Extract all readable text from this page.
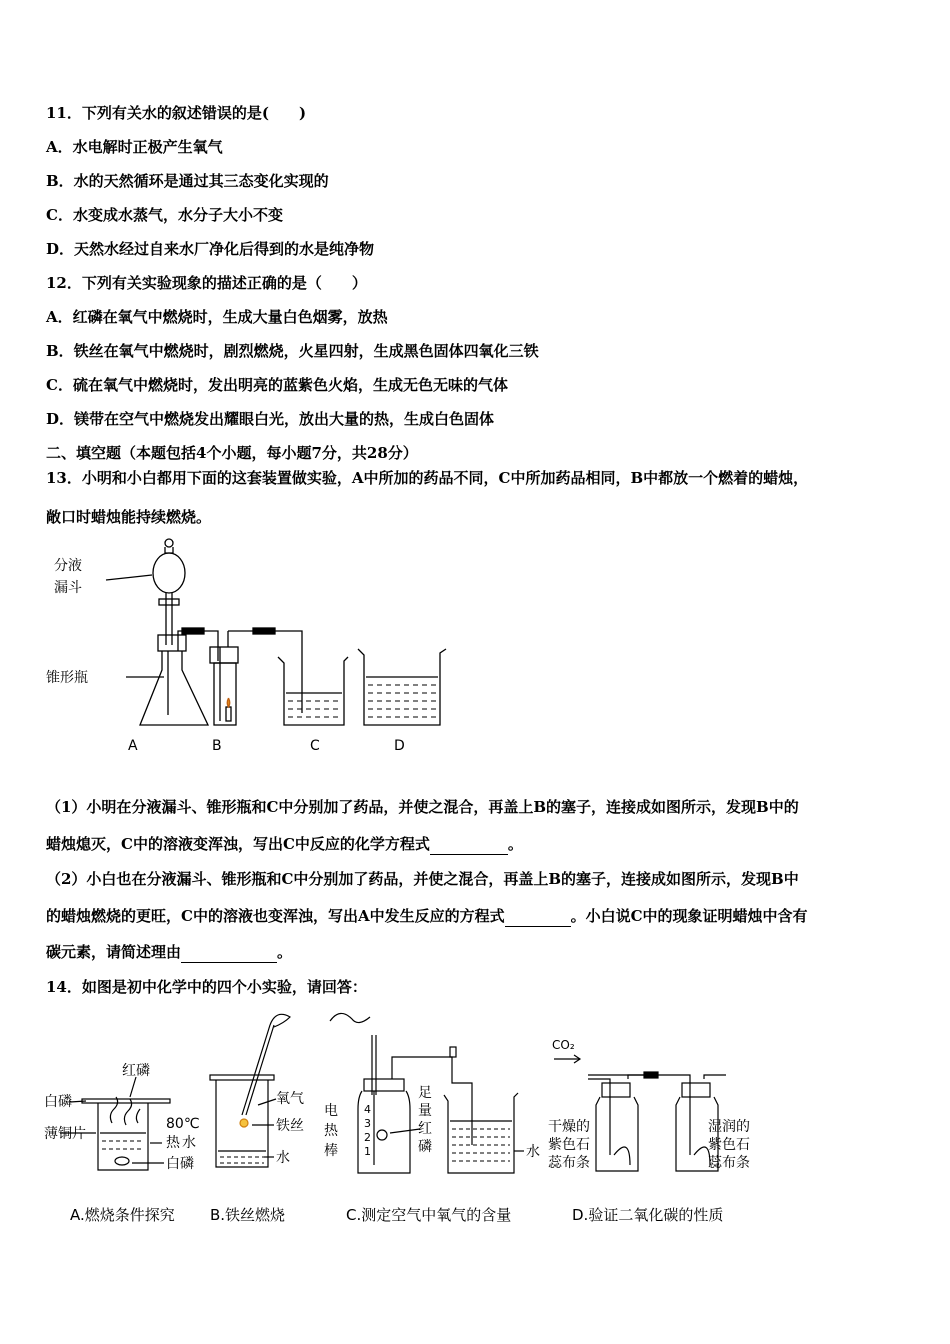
11．下列有关水的叙述错误的是(　　)
A．水电解时正极产生氧气
B．水的天然循环是通过其三态变化实现的
C．水变成水蒸气，水分子大小不变
D．天然水经过自来水厂净化后得到的水是纯净物
12．下列有关实验现象的描述正确的是（　　）
A．红磷在氧气中燃烧时，生成大量白色烟雾，放热
B．铁丝在氧气中燃烧时，剧烈燃烧，火星四射，生成黑色固体四氧化三铁
C．硫在氧气中燃烧时，发出明亮的蓝紫色火焰，生成无色无味的气体
D．镁带在空气中燃烧发出耀眼白光，放出大量的热，生成白色固体
二、填空题（本题包括4个小题，每小题7分，共28分）
13．小明和小白都用下面的这套装置做实验，A中所加的药品不同，C中所加药品相同，B中都放一个燃着的蜡烛，
敞口时蜡烛能持续燃烧。
分液
漏斗
锥形瓶
A	B	C	D
（1）小明在分液漏斗、锥形瓶和C中分别加了药品，并使之混合，再盖上B的塞子，连接成如图所示，发现B中的
蜡烛熄灭，C中的溶液变浑浊，写出C中反应的化学方程式	。
（2）小白也在分液漏斗、锥形瓶和C中分别加了药品，并使之混合，再盖上B的塞子，连接成如图所示，发现B中
的蜡烛燃烧的更旺，C中的溶液也变浑浊，写出A中发生反应的方程式	。小白说C中的现象证明蜡烛中含有
碳元素，请简述理由	。
14．如图是初中化学中的四个小实验，请回答：
红磷
白磷
薄铜片
80℃
热 水
白磷
氧气
铁丝
水
电
热
棒
4
3
2
1
足
量
红
磷	水
CO₂
干燥的
紫色石
蕊布条
湿润的
紫色石
蕊布条
A.燃烧条件探究 B.铁丝燃烧	C.测定空气中氧气的含量	D.验证二氧化碳的性质
